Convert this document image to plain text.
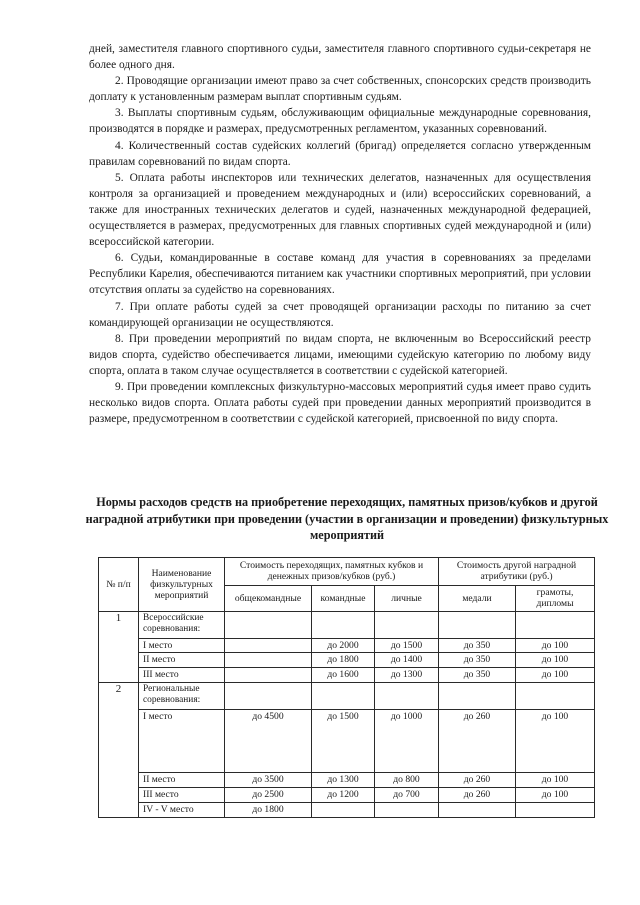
дней, заместителя главного спортивного судьи, заместителя главного спортивного судьи-секретаря не более одного дня.

2. Проводящие организации имеют право за счет собственных, спонсорских средств производить доплату к установленным размерам выплат спортивным судьям.

3. Выплаты спортивным судьям, обслуживающим официальные международные соревнования, производятся в порядке и размерах, предусмотренных регламентом, указанных соревнований.

4. Количественный состав судейских коллегий (бригад) определяется согласно утвержденным правилам соревнований по видам спорта.

5. Оплата работы инспекторов или технических делегатов, назначенных для осуществления контроля за организацией и проведением международных и (или) всероссийских соревнований, а также для иностранных технических делегатов и судей, назначенных международной федерацией, осуществляется в размерах, предусмотренных для главных спортивных судей международной и (или) всероссийской категории.

6. Судьи, командированные в составе команд для участия в соревнованиях за пределами Республики Карелия, обеспечиваются питанием как участники спортивных мероприятий, при условии отсутствия оплаты за судейство на соревнованиях.

7. При оплате работы судей за счет проводящей организации расходы по питанию за счет командирующей организации не осуществляются.

8. При проведении мероприятий по видам спорта, не включенным во Всероссийский реестр видов спорта, судейство обеспечивается лицами, имеющими судейскую категорию по любому виду спорта, оплата в таком случае осуществляется в соответствии с судейской категорией.

9. При проведении комплексных физкультурно-массовых мероприятий судья имеет право судить несколько видов спорта. Оплата работы судей при проведении данных мероприятий производится в размере, предусмотренном в соответствии с судейской категорией, присвоенной по виду спорта.

Нормы расходов средств на приобретение переходящих, памятных призов/кубков и другой наградной атрибутики при проведении (участии в организации и проведении) физкультурных мероприятий
№ п/п	Наименование физкультурных мероприятий	Стоимость переходящих, памятных кубков и денежных призов/кубков (руб.)			Стоимость другой наградной атрибутики (руб.)	
		общекомандные	командные	личные	медали	грамоты, дипломы
1	Всероссийские соревнования:					
	I место		до 2000	до 1500	до 350	до 100
	II место		до 1800	до 1400	до 350	до 100
	III место		до 1600	до 1300	до 350	до 100
2	Региональные соревнования:					
	I место	до 4500	до 1500	до 1000	до 260	до 100
	II место	до 3500	до 1300	до 800	до 260	до 100
	III место	до 2500	до 1200	до 700	до 260	до 100
	IV - V место	до 1800				
